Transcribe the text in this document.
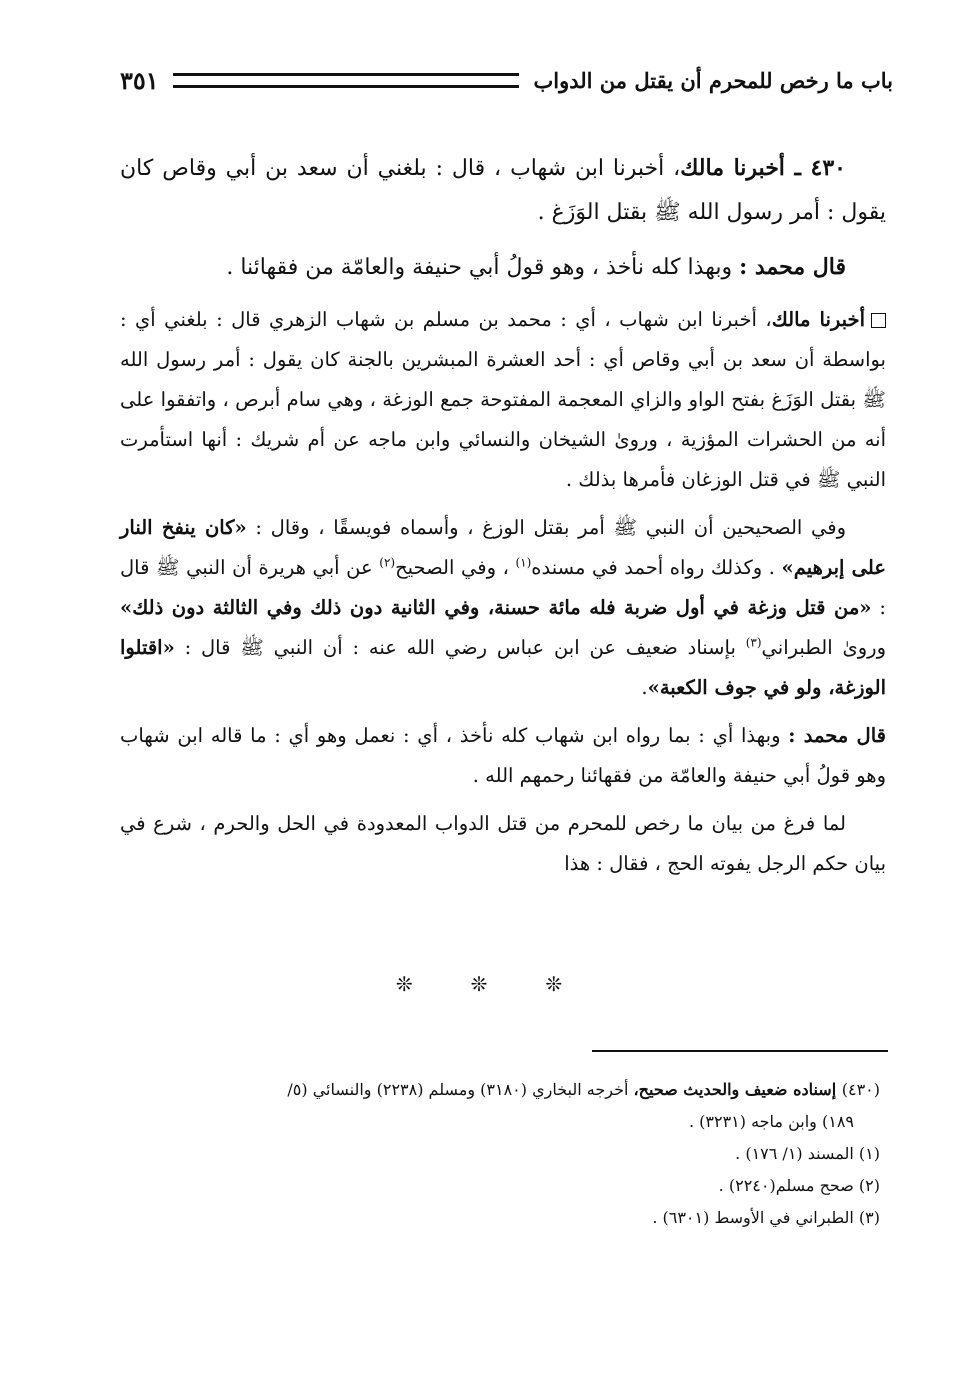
باب ما رخص للمحرم أن يقتل من الدواب
٣٥١

٤٣٠ ـ أخبرنا مالك، أخبرنا ابن شهاب ، قال : بلغني أن سعد بن أبي وقاص كان يقول : أمر رسول الله ﷺ بقتل الوَزَغ .

قال محمد : وبهذا كله نأخذ ، وهو قولُ أبي حنيفة والعامّة من فقهائنا .

أخبرنا مالك، أخبرنا ابن شهاب ، أي : محمد بن مسلم بن شهاب الزهري قال : بلغني أي : بواسطة أن سعد بن أبي وقاص أي : أحد العشرة المبشرين بالجنة كان يقول : أمر رسول الله ﷺ بقتل الوَزَغ بفتح الواو والزاي المعجمة المفتوحة جمع الوزغة ، وهي سام أبرص ، واتفقوا على أنه من الحشرات المؤزية ، وروىٰ الشيخان والنسائي وابن ماجه عن أم شريك : أنها استأمرت النبي ﷺ في قتل الوزغان فأمرها بذلك .

وفي الصحيحين أن النبي ﷺ أمر بقتل الوزغ ، وأسماه فويسقًا ، وقال : «كان ينفخ النار على إبرهيم» . وكذلك رواه أحمد في مسنده$^{(١)}$ ، وفي الصحيح$^{(٢)}$ عن أبي هريرة أن النبي ﷺ قال : «من قتل وزغة في أول ضربة فله مائة حسنة، وفي الثانية دون ذلك وفي الثالثة دون ذلك» وروىٰ الطبراني$^{(٣)}$ بإسناد ضعيف عن ابن عباس رضي الله عنه : أن النبي ﷺ قال : «اقتلوا الوزغة، ولو في جوف الكعبة».

قال محمد : وبهذا أي : بما رواه ابن شهاب كله نأخذ ، أي : نعمل وهو أي : ما قاله ابن شهاب وهو قولُ أبي حنيفة والعامّة من فقهائنا رحمهم الله .

لما فرغ من بيان ما رخص للمحرم من قتل الدواب المعدودة في الحل والحرم ، شرع في بيان حكم الرجل يفوته الحج ، فقال : هذا

❊	❊	❊
(٤٣٠) إسناده ضعيف والحديث صحيح، أخرجه البخاري (٣١٨٠) ومسلم (٢٢٣٨) والنسائي (٥/
١٨٩) وابن ماجه (٣٢٣١) .
(١) المسند (١/ ١٧٦) .
(٢) صحح مسلم(٢٢٤٠) .
(٣) الطبراني في الأوسط (٦٣٠١) .
